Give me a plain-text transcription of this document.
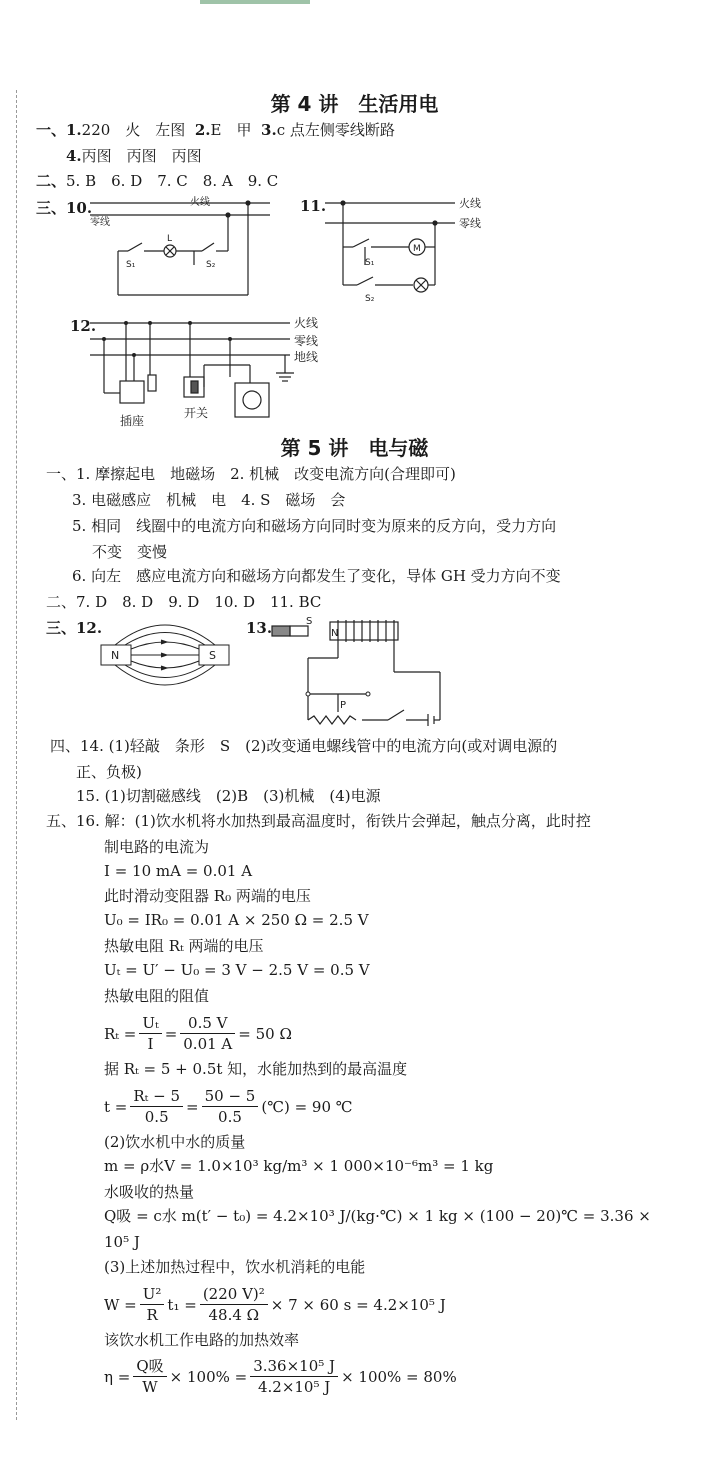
第 4 讲　生活用电
一、1.220　火　左图 2.E　甲 3.c 点左侧零线断路
4.丙图　丙图　丙图
二、5. B　6. D　7. C　8. A　9. C
三、10.	11.
12.
火线
零线
L
S₁	S₂
火线
零线
M
S₁
S₂
火线
零线
地线
插座
开关
第 5 讲　电与磁
一、1. 摩擦起电　地磁场　2. 机械　改变电流方向(合理即可)
3. 电磁感应　机械　电　4. S　磁场　会
5. 相同　线圈中的电流方向和磁场方向同时变为原来的反方向，受力方向
不变　变慢
6. 向左　感应电流方向和磁场方向都发生了变化，导体 GH 受力方向不变
二、7. D　8. D　9. D　10. D　11. BC
三、12.	13.
N	S
S
N
P
四、14. (1)轻敲　条形　S　(2)改变通电螺线管中的电流方向(或对调电源的
正、负极)
15. (1)切割磁感线　(2)B　(3)机械　(4)电源
五、16. 解：(1)饮水机将水加热到最高温度时，衔铁片会弹起，触点分离，此时控
制电路的电流为
I = 10 mA = 0.01 A
此时滑动变阻器 R₀ 两端的电压
U₀ = IR₀ = 0.01 A × 250 Ω = 2.5 V
热敏电阻 Rₜ 两端的电压
Uₜ = U′ − U₀ = 3 V − 2.5 V = 0.5 V
热敏电阻的阻值
$R_t = \frac{\text{Uₜ}}{I} = \frac{0.5 V}{0.01 A} = 50$ Ω
据 Rₜ = 5 + 0.5t 知，水能加热到的最高温度
$t = \frac{\text{Rₜ − 5}}{0.5} = \frac{50 - 5}{0.5}$ (℃) = 90 ℃
(2)饮水机中水的质量
m = ρ水V = 1.0×10³ kg/m³ × 1 000×10⁻⁶m³ = 1 kg
水吸收的热量
Q吸 = c水 m(t′ − t₀) = 4.2×10³ J/(kg·℃) × 1 kg × (100 − 20)℃ = 3.36 ×
10⁵ J
(3)上述加热过程中，饮水机消耗的电能
$W = \frac{\text{U²}}{R} t_1 = \frac{\text{(220 V)²}}{48.4 \Omega} \times 7 \times 60$ s = 4.2×10⁵ J
该饮水机工作电路的加热效率
$\eta = \frac{\text{Q吸}}{W} \times 100\% = \frac{\text{3.36×10⁵ J}}{\text{4.2×10⁵ J}} \times 100\% = 80\%$
